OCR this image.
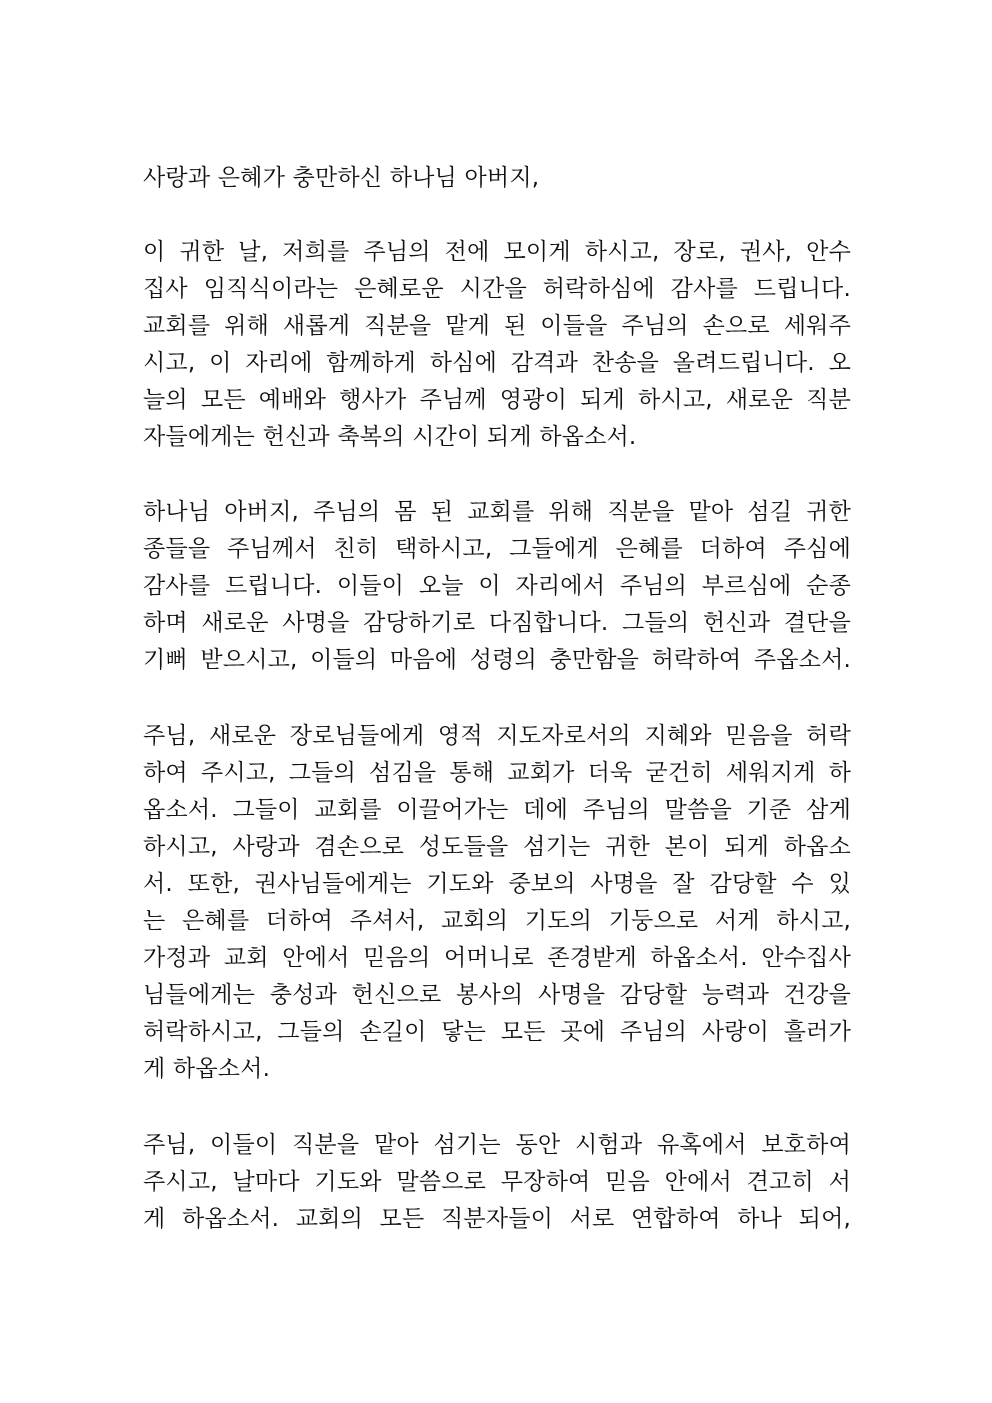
사랑과 은혜가 충만하신 하나님 아버지,
이 귀한 날, 저희를 주님의 전에 모이게 하시고, 장로, 권사, 안수
집사 임직식이라는 은혜로운 시간을 허락하심에 감사를 드립니다.
교회를 위해 새롭게 직분을 맡게 된 이들을 주님의 손으로 세워주
시고, 이 자리에 함께하게 하심에 감격과 찬송을 올려드립니다. 오
늘의 모든 예배와 행사가 주님께 영광이 되게 하시고, 새로운 직분
자들에게는 헌신과 축복의 시간이 되게 하옵소서.
하나님 아버지, 주님의 몸 된 교회를 위해 직분을 맡아 섬길 귀한
종들을 주님께서 친히 택하시고, 그들에게 은혜를 더하여 주심에
감사를 드립니다. 이들이 오늘 이 자리에서 주님의 부르심에 순종
하며 새로운 사명을 감당하기로 다짐합니다. 그들의 헌신과 결단을
기뻐 받으시고, 이들의 마음에 성령의 충만함을 허락하여 주옵소서.
주님, 새로운 장로님들에게 영적 지도자로서의 지혜와 믿음을 허락
하여 주시고, 그들의 섬김을 통해 교회가 더욱 굳건히 세워지게 하
옵소서. 그들이 교회를 이끌어가는 데에 주님의 말씀을 기준 삼게
하시고, 사랑과 겸손으로 성도들을 섬기는 귀한 본이 되게 하옵소
서. 또한, 권사님들에게는 기도와 중보의 사명을 잘 감당할 수 있
는 은혜를 더하여 주셔서, 교회의 기도의 기둥으로 서게 하시고,
가정과 교회 안에서 믿음의 어머니로 존경받게 하옵소서. 안수집사
님들에게는 충성과 헌신으로 봉사의 사명을 감당할 능력과 건강을
허락하시고, 그들의 손길이 닿는 모든 곳에 주님의 사랑이 흘러가
게 하옵소서.
주님, 이들이 직분을 맡아 섬기는 동안 시험과 유혹에서 보호하여
주시고, 날마다 기도와 말씀으로 무장하여 믿음 안에서 견고히 서
게 하옵소서. 교회의 모든 직분자들이 서로 연합하여 하나 되어,
